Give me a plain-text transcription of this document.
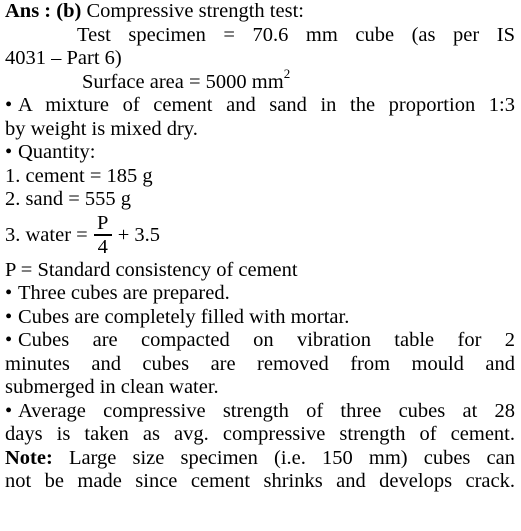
Ans : (b) Compressive strength test:
Test specimen = 70.6 mm cube (as per IS
4031 – Part 6)
Surface area = 5000 $mm^2$
• A mixture of cement and sand in the proportion 1:3
by weight is mixed dry.
• Quantity:
1. cement = 185 g
2. sand = 555 g
3. water = $\frac{P}{4} + 3.5$
P = Standard consistency of cement
• Three cubes are prepared.
• Cubes are completely filled with mortar.
• Cubes are compacted on vibration table for 2
minutes and cubes are removed from mould and
submerged in clean water.
• Average compressive strength of three cubes at 28
days is taken as avg. compressive strength of cement.
Note: Large size specimen (i.e. 150 mm) cubes can
not be made since cement shrinks and develops crack.
